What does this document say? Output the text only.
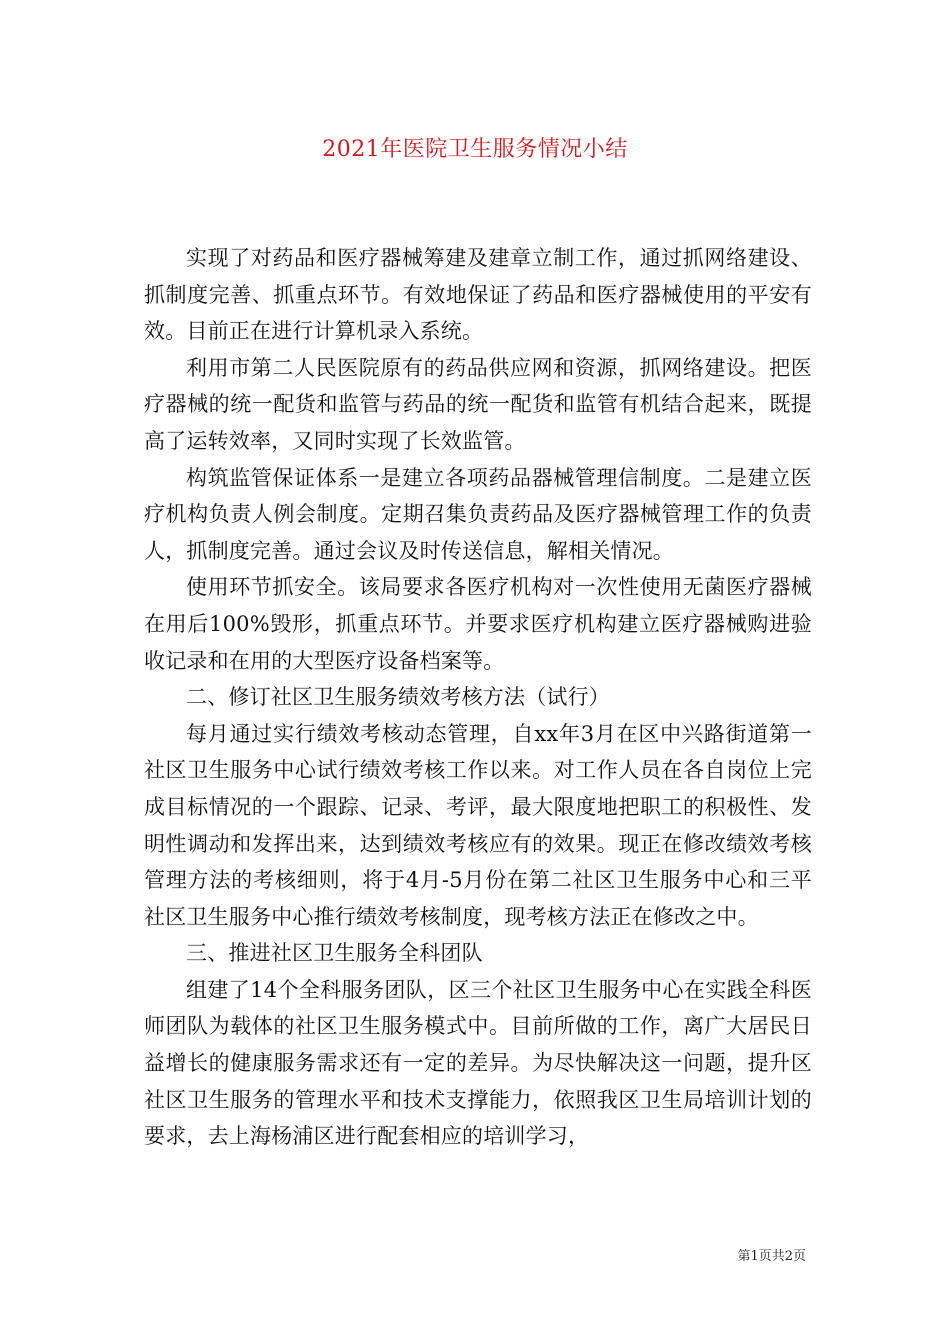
2021年医院卫生服务情况小结

实现了对药品和医疗器械筹建及建章立制工作，通过抓网络建设、抓制度完善、抓重点环节。有效地保证了药品和医疗器械使用的平安有效。目前正在进行计算机录入系统。

利用市第二人民医院原有的药品供应网和资源，抓网络建设。把医疗器械的统一配货和监管与药品的统一配货和监管有机结合起来，既提高了运转效率，又同时实现了长效监管。

构筑监管保证体系一是建立各项药品器械管理信制度。二是建立医疗机构负责人例会制度。定期召集负责药品及医疗器械管理工作的负责人，抓制度完善。通过会议及时传送信息，解相关情况。

使用环节抓安全。该局要求各医疗机构对一次性使用无菌医疗器械在用后100%毁形，抓重点环节。并要求医疗机构建立医疗器械购进验收记录和在用的大型医疗设备档案等。

二、修订社区卫生服务绩效考核方法（试行）

每月通过实行绩效考核动态管理，自xx年3月在区中兴路街道第一社区卫生服务中心试行绩效考核工作以来。对工作人员在各自岗位上完成目标情况的一个跟踪、记录、考评，最大限度地把职工的积极性、发明性调动和发挥出来，达到绩效考核应有的效果。现正在修改绩效考核管理方法的考核细则，将于4月-5月份在第二社区卫生服务中心和三平社区卫生服务中心推行绩效考核制度，现考核方法正在修改之中。

三、推进社区卫生服务全科团队

组建了14个全科服务团队，区三个社区卫生服务中心在实践全科医师团队为载体的社区卫生服务模式中。目前所做的工作，离广大居民日益增长的健康服务需求还有一定的差异。为尽快解决这一问题，提升区社区卫生服务的管理水平和技术支撑能力，依照我区卫生局培训计划的要求，去上海杨浦区进行配套相应的培训学习，

第1页共2页
